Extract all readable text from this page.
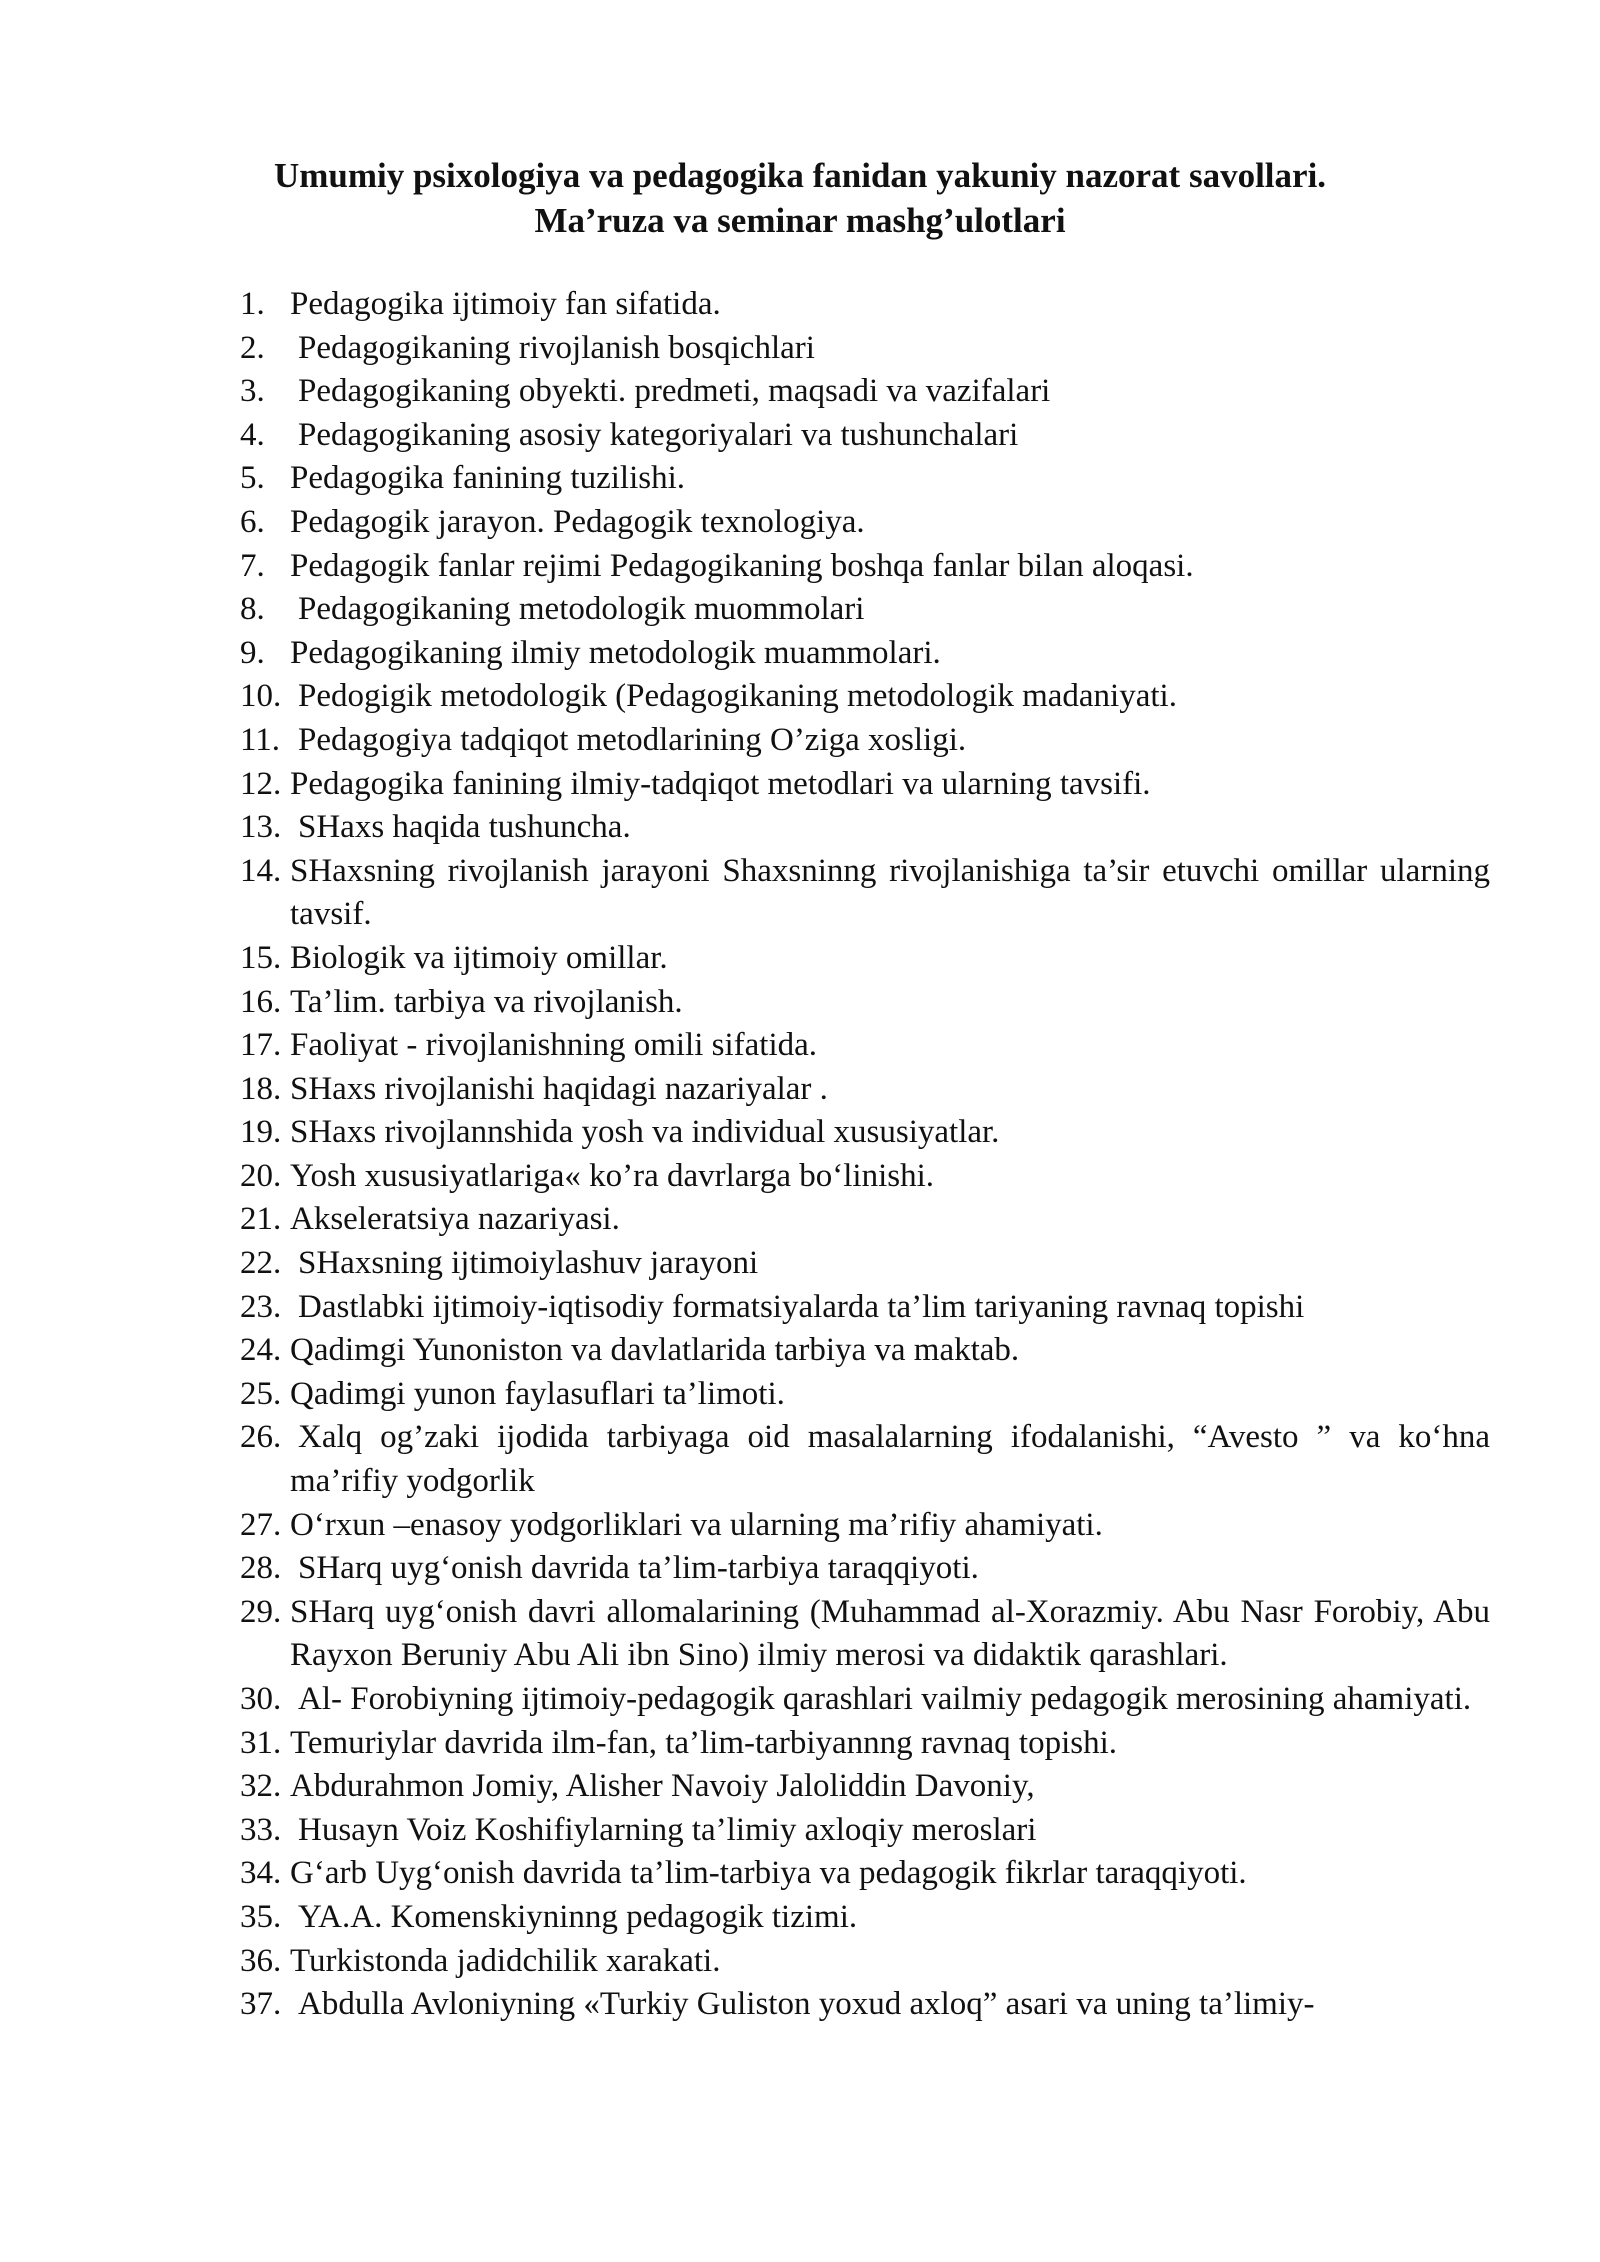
Umumiy psixologiya va pedagogika fanidan yakuniy nazorat savollari.
Ma’ruza va seminar mashg’ulotlari
1. Pedagogika ijtimoiy fan sifatida.
2. Pedagogikaning rivojlanish bosqichlari
3. Pedagogikaning obyekti. predmeti, maqsadi va vazifalari
4. Pedagogikaning asosiy kategoriyalari va tushunchalari
5. Pedagogika fanining tuzilishi.
6. Pedagogik jarayon. Pedagogik texnologiya.
7. Pedagogik fanlar rejimi Pedagogikaning boshqa fanlar bilan aloqasi.
8. Pedagogikaning metodologik muommolari
9. Pedagogikaning ilmiy metodologik muammolari.
10. Pedogigik metodologik (Pedagogikaning metodologik madaniyati.
11. Pedagogiya tadqiqot metodlarining O’ziga xosligi.
12. Pedagogika fanining ilmiy-tadqiqot metodlari va ularning tavsifi.
13. SHaxs haqida tushuncha.
14. SHaxsning rivojlanish jarayoni Shaxsninng rivojlanishiga ta’sir etuvchi omillar ularning tavsif.
15. Biologik va ijtimoiy omillar.
16. Ta’lim. tarbiya va rivojlanish.
17. Faoliyat - rivojlanishning omili sifatida.
18. SHaxs rivojlanishi haqidagi nazariyalar .
19. SHaxs rivojlannshida yosh va individual xususiyatlar.
20. Yosh xususiyatlariga« ko’ra davrlarga bo‘linishi.
21. Akseleratsiya nazariyasi.
22. SHaxsning ijtimoiylashuv jarayoni
23. Dastlabki ijtimoiy-iqtisodiy formatsiyalarda ta’lim tariyaning ravnaq topishi
24. Qadimgi Yunoniston va davlatlarida tarbiya va maktab.
25. Qadimgi yunon faylasuflari ta’limoti.
26. Xalq og’zaki ijodida tarbiyaga oid masalalarning ifodalanishi, “Avesto ” va ko‘hna ma’rifiy yodgorlik
27. O‘rxun –enasoy yodgorliklari va ularning ma’rifiy ahamiyati.
28. SHarq uyg‘onish davrida ta’lim-tarbiya taraqqiyoti.
29. SHarq uyg‘onish davri allomalarining (Muhammad al-Xorazmiy. Abu Nasr Forobiy, Abu Rayxon Beruniy Abu Ali ibn Sino) ilmiy merosi va didaktik qarashlari.
30. Al- Forobiyning ijtimoiy-pedagogik qarashlari vailmiy pedagogik merosining ahamiyati.
31. Temuriylar davrida ilm-fan, ta’lim-tarbiyannng ravnaq topishi.
32. Abdurahmon Jomiy, Alisher Navoiy Jaloliddin Davoniy,
33. Husayn Voiz Koshifiylarning ta’limiy axloqiy meroslari
34. G‘arb Uyg‘onish davrida ta’lim-tarbiya va pedagogik fikrlar taraqqiyoti.
35. YA.A. Komenskiyninng pedagogik tizimi.
36. Turkistonda jadidchilik xarakati.
37. Abdulla Avloniyning «Turkiy Guliston yoxud axloq” asari va uning ta’limiy-
